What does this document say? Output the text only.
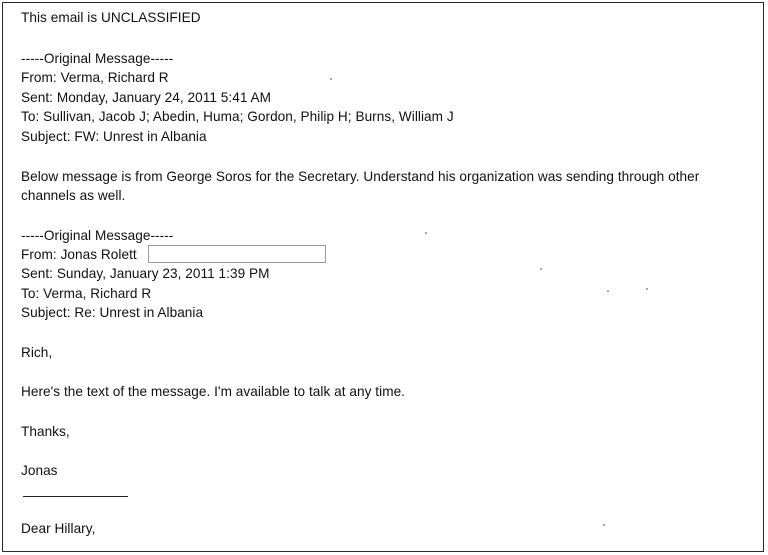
This email is UNCLASSIFIED
-----Original Message-----
From: Verma, Richard R
Sent: Monday, January 24, 2011 5:41 AM
To: Sullivan, Jacob J; Abedin, Huma; Gordon, Philip H; Burns, William J
Subject: FW: Unrest in Albania
Below message is from George Soros for the Secretary. Understand his organization was sending through other
channels as well.
-----Original Message-----
From: Jonas Rolett
Sent: Sunday, January 23, 2011 1:39 PM
To: Verma, Richard R
Subject: Re: Unrest in Albania
Rich,
Here's the text of the message. I'm available to talk at any time.
Thanks,
Jonas
Dear Hillary,
